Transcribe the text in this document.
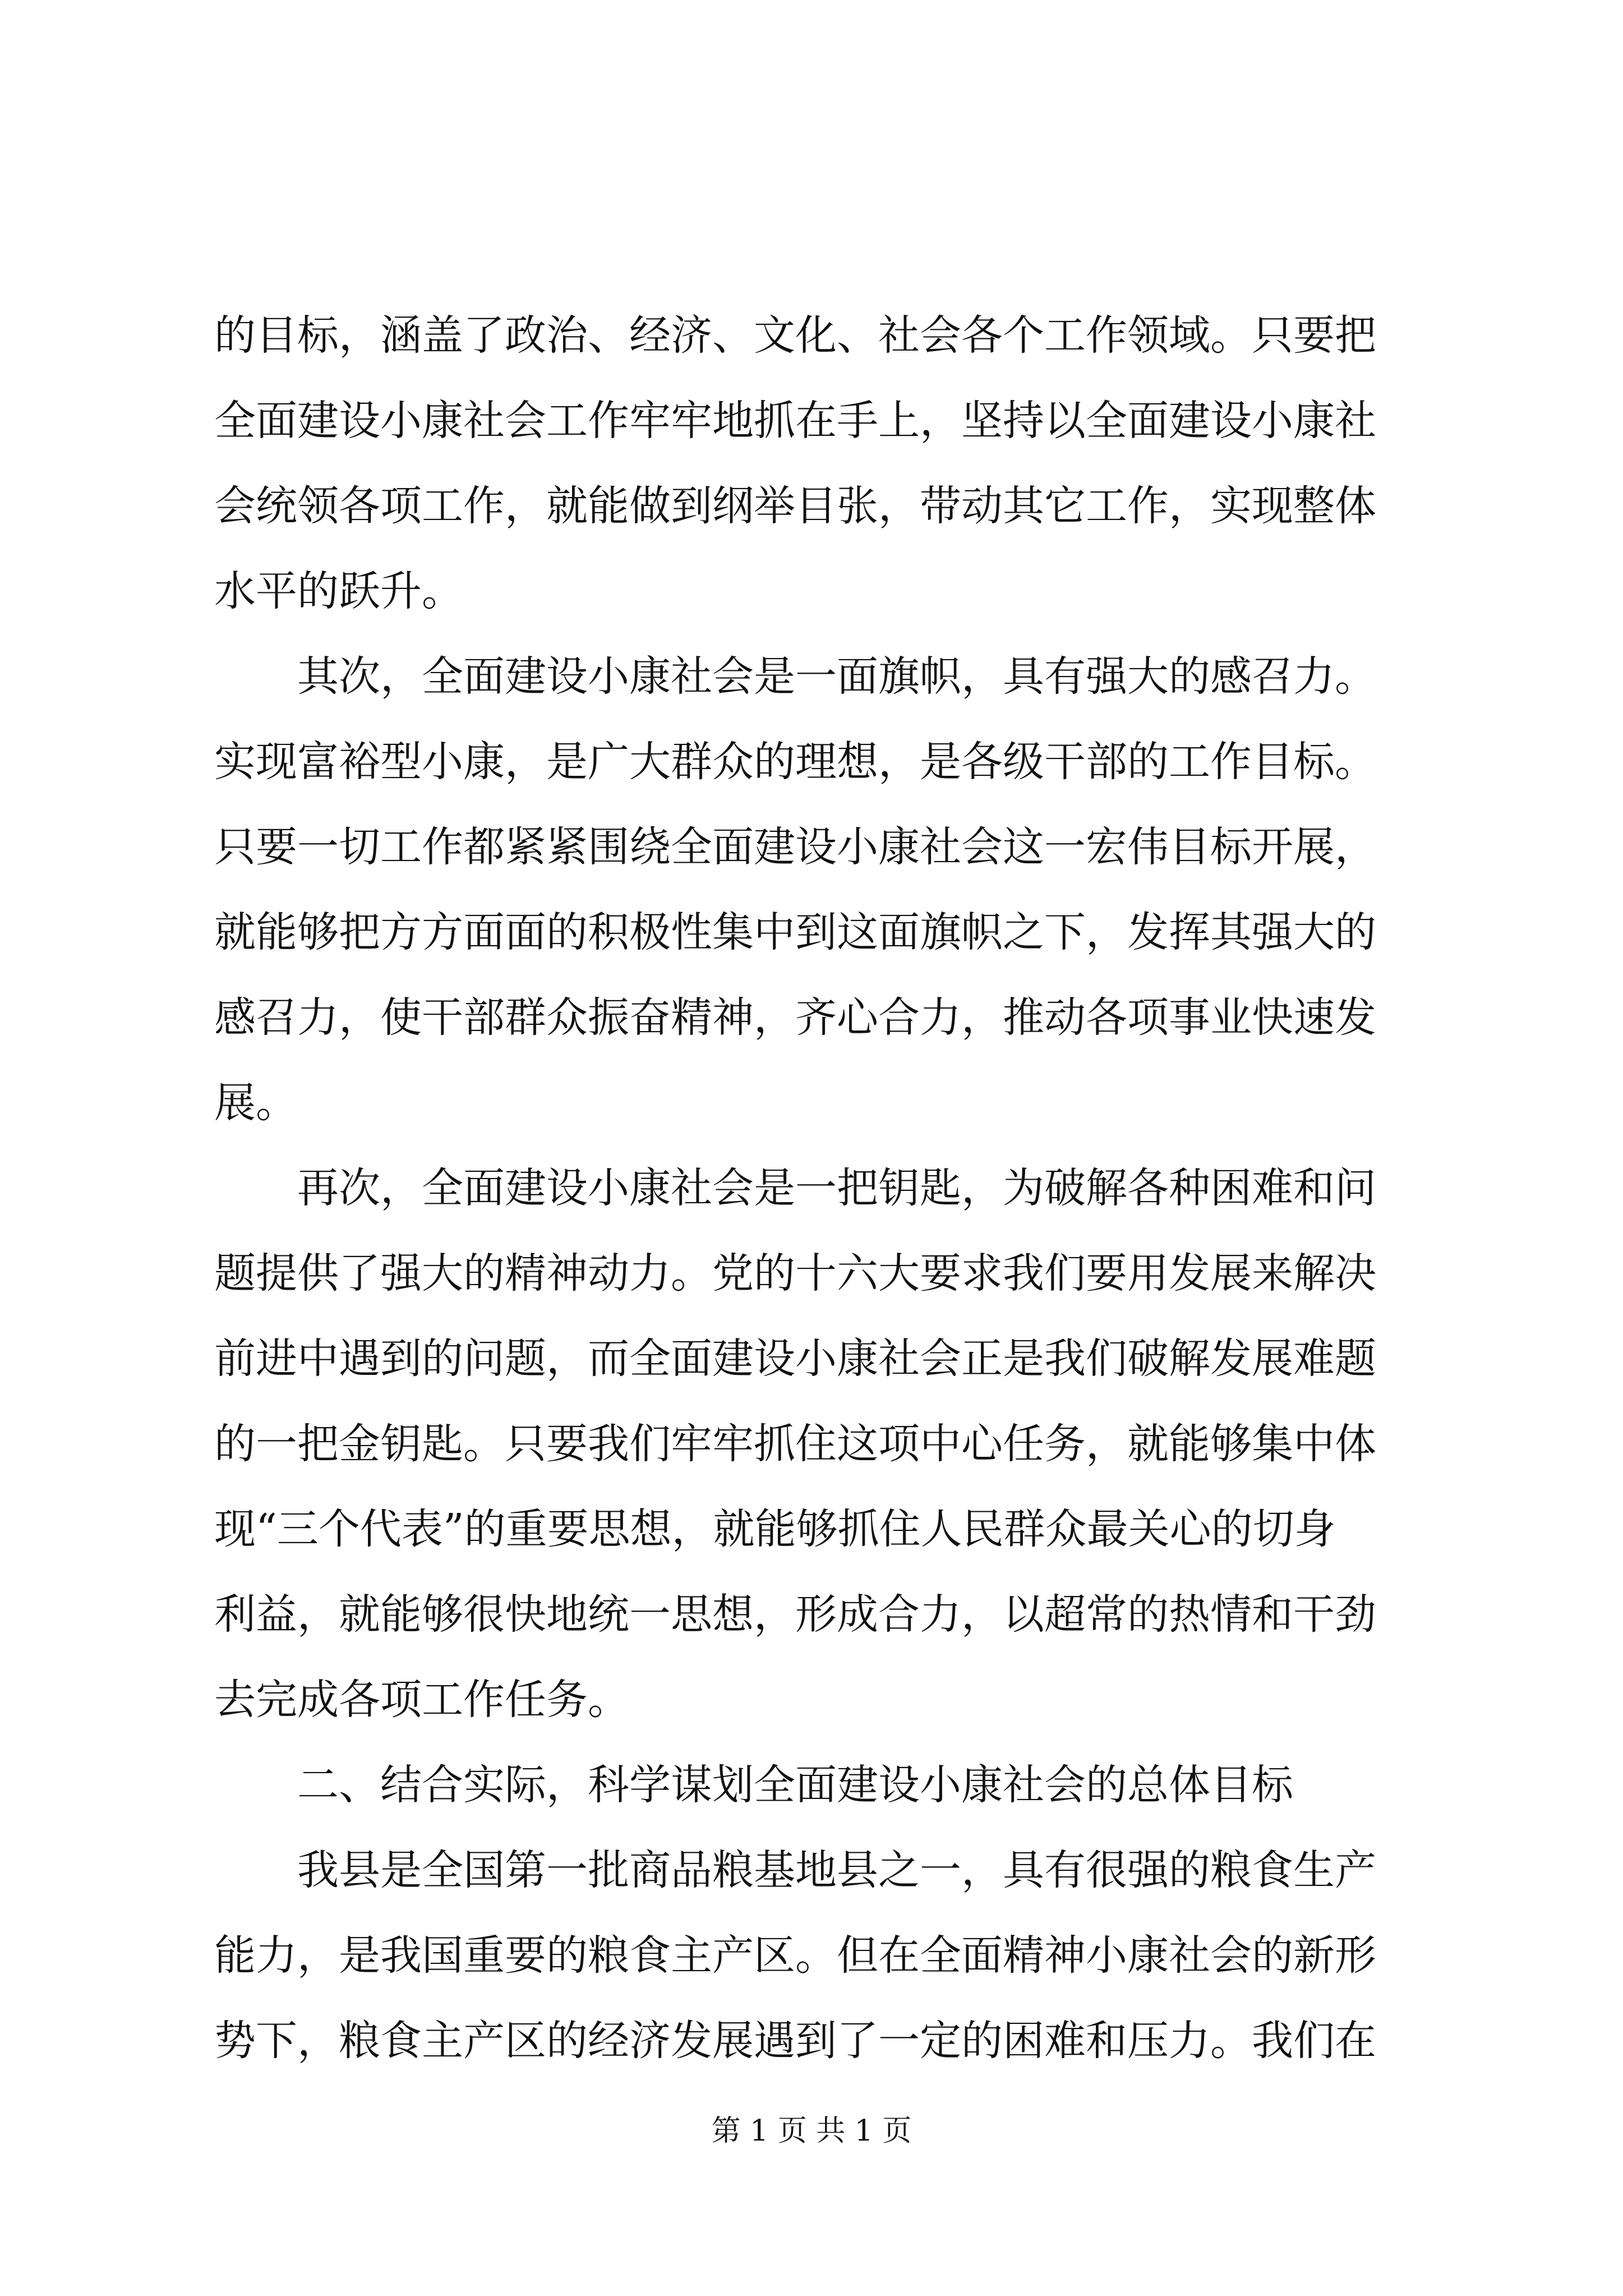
的目标，涵盖了政治、经济、文化、社会各个工作领域。只要把
全面建设小康社会工作牢牢地抓在手上，坚持以全面建设小康社
会统领各项工作，就能做到纲举目张，带动其它工作，实现整体
水平的跃升。
　　其次，全面建设小康社会是一面旗帜，具有强大的感召力。
实现富裕型小康，是广大群众的理想，是各级干部的工作目标。
只要一切工作都紧紧围绕全面建设小康社会这一宏伟目标开展，
就能够把方方面面的积极性集中到这面旗帜之下，发挥其强大的
感召力，使干部群众振奋精神，齐心合力，推动各项事业快速发
展。
　　再次，全面建设小康社会是一把钥匙，为破解各种困难和问
题提供了强大的精神动力。党的十六大要求我们要用发展来解决
前进中遇到的问题，而全面建设小康社会正是我们破解发展难题
的一把金钥匙。只要我们牢牢抓住这项中心任务，就能够集中体
现“三个代表”的重要思想，就能够抓住人民群众最关心的切身
利益，就能够很快地统一思想，形成合力，以超常的热情和干劲
去完成各项工作任务。
　　二、结合实际，科学谋划全面建设小康社会的总体目标
　　我县是全国第一批商品粮基地县之一，具有很强的粮食生产
能力，是我国重要的粮食主产区。但在全面精神小康社会的新形
势下，粮食主产区的经济发展遇到了一定的困难和压力。我们在
第 1 页 共 1 页
